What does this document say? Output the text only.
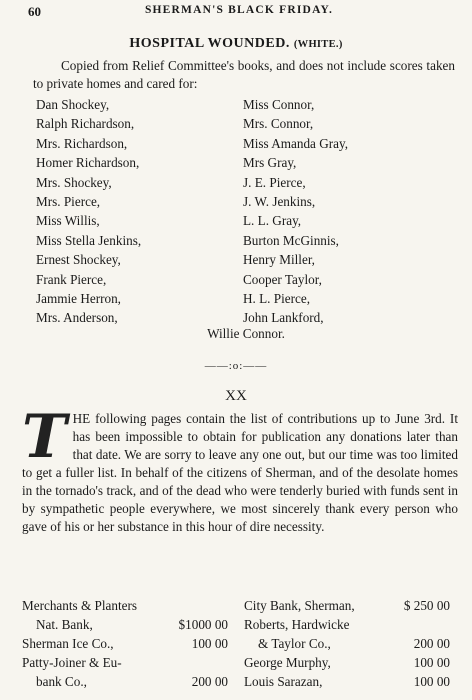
60	SHERMAN'S BLACK FRIDAY.
HOSPITAL WOUNDED. (WHITE.)
Copied from Relief Committee's books, and does not include scores taken to private homes and cared for:
Dan Shockey,
Ralph Richardson,
Mrs. Richardson,
Homer Richardson,
Mrs. Shockey,
Mrs. Pierce,
Miss Willis,
Miss Stella Jenkins,
Ernest Shockey,
Frank Pierce,
Jammie Herron,
Mrs. Anderson,
Miss Connor,
Mrs. Connor,
Miss Amanda Gray,
Mrs Gray,
J. E. Pierce,
J. W. Jenkins,
L. L. Gray,
Burton McGinnis,
Henry Miller,
Cooper Taylor,
H. L. Pierce,
John Lankford,
Willie Connor.
——:o:——
XX
THE following pages contain the list of contributions up to June 3rd. It has been impossible to obtain for publication any donations later than that date. We are sorry to leave any one out, but our time was too limited to get a fuller list. In behalf of the citizens of Sherman, and of the desolate homes in the tornado's track, and of the dead who were tenderly buried with funds sent in by sympathetic people everywhere, we most sincerely thank every person who gave of his or her substance in this hour of dire necessity.
Merchants & Planters
Nat. Bank,	$1000 00
Sherman Ice Co.,	100 00
Patty-Joiner & Eu-
bank Co.,	200 00
City Bank, Sherman,	$ 250 00
Roberts, Hardwicke
& Taylor Co.,	200 00
George Murphy,	100 00
Louis Sarazan,	100 00
